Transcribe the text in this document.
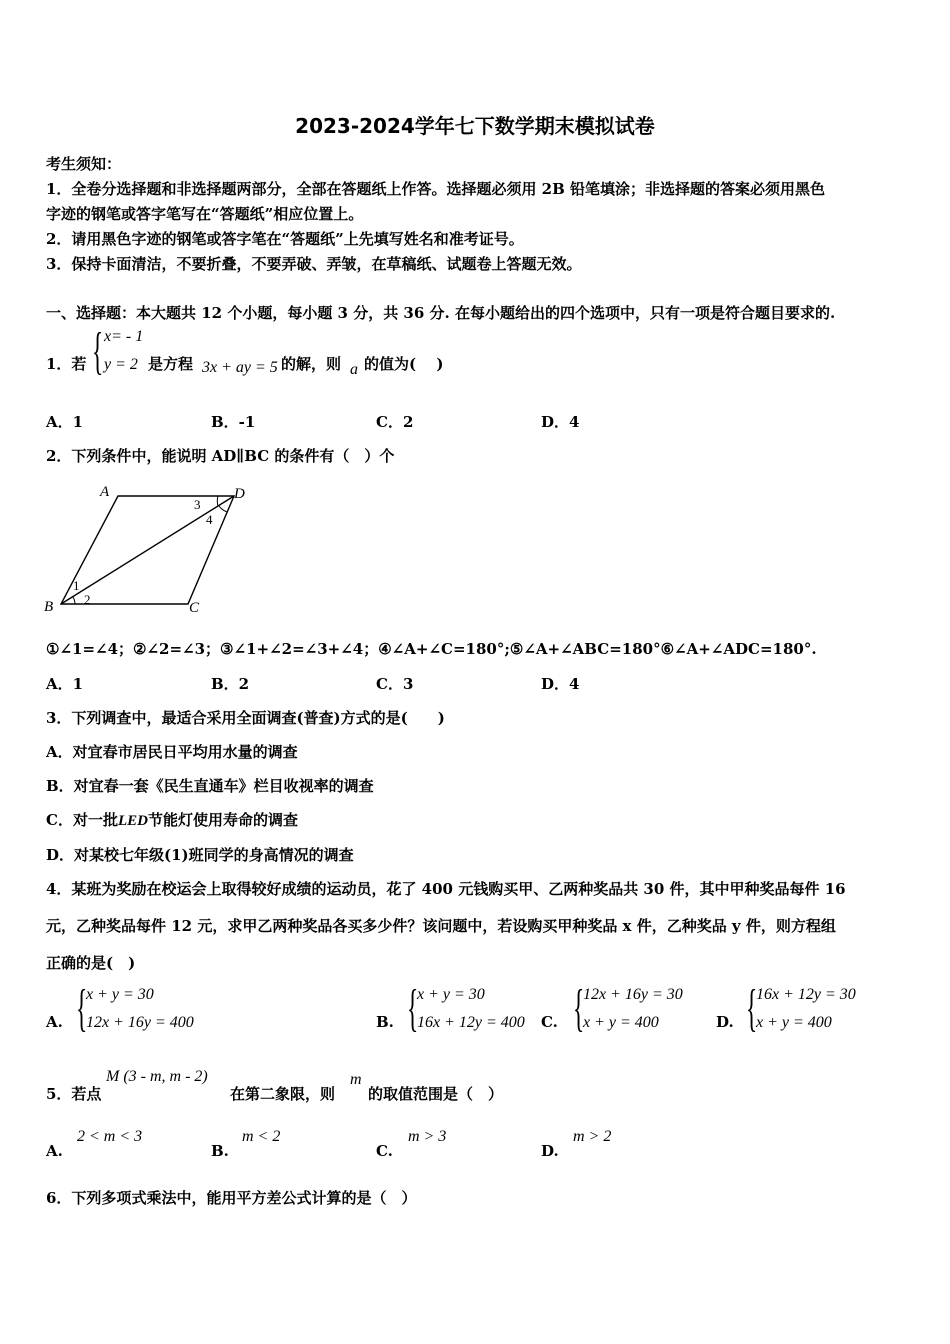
2023-2024学年七下数学期末模拟试卷
考生须知：
1．全卷分选择题和非选择题两部分，全部在答题纸上作答。选择题必须用 2B 铅笔填涂；非选择题的答案必须用黑色
字迹的钢笔或答字笔写在“答题纸”相应位置上。
2．请用黑色字迹的钢笔或答字笔在“答题纸”上先填写姓名和准考证号。
3．保持卡面清洁，不要折叠，不要弄破、弄皱，在草稿纸、试题卷上答题无效。
一、选择题：本大题共 12 个小题，每小题 3 分，共 36 分. 在每小题给出的四个选项中，只有一项是符合题目要求的.
1．若 { x= - 1
y = 2 是方程 3x + ay = 5 的解，则 a 的值为(　 )
A．1	B．-1	C．2	D．4
2．下列条件中，能说明 AD∥BC 的条件有（　）个
A	D
B	C
1
2
3
4
①∠1=∠4；②∠2=∠3；③∠1+∠2=∠3+∠4；④∠A+∠C=180°;⑤∠A+∠ABC=180°⑥∠A+∠ADC=180°.
A．1	B．2	C．3	D．4
3．下列调查中，最适合采用全面调查(普查)方式的是(　　)
A．对宜春市居民日平均用水量的调查
B．对宜春一套《民生直通车》栏目收视率的调查
C．对一批LED节能灯使用寿命的调查
D．对某校七年级(1)班同学的身高情况的调查
4．某班为奖励在校运会上取得较好成绩的运动员，花了 400 元钱购买甲、乙两种奖品共 30 件，其中甲种奖品每件 16
元，乙种奖品每件 12 元，求甲乙两种奖品各买多少件？该问题中，若设购买甲种奖品 x 件，乙种奖品 y 件，则方程组
正确的是(　)
A. {
x + y = 30
12x + 16y = 400	B. {
x + y = 30
16x + 12y = 400 C. {
12x + 16y = 30
x + y = 400	D. {
16x + 12y = 30
x + y = 400
5．若点
M (3 - m, m - 2)
在第二象限，则
m
的取值范围是（　）
A.
2 < m < 3
B.
m < 2
C.
m > 3
D.
m > 2
6．下列多项式乘法中，能用平方差公式计算的是（　）
